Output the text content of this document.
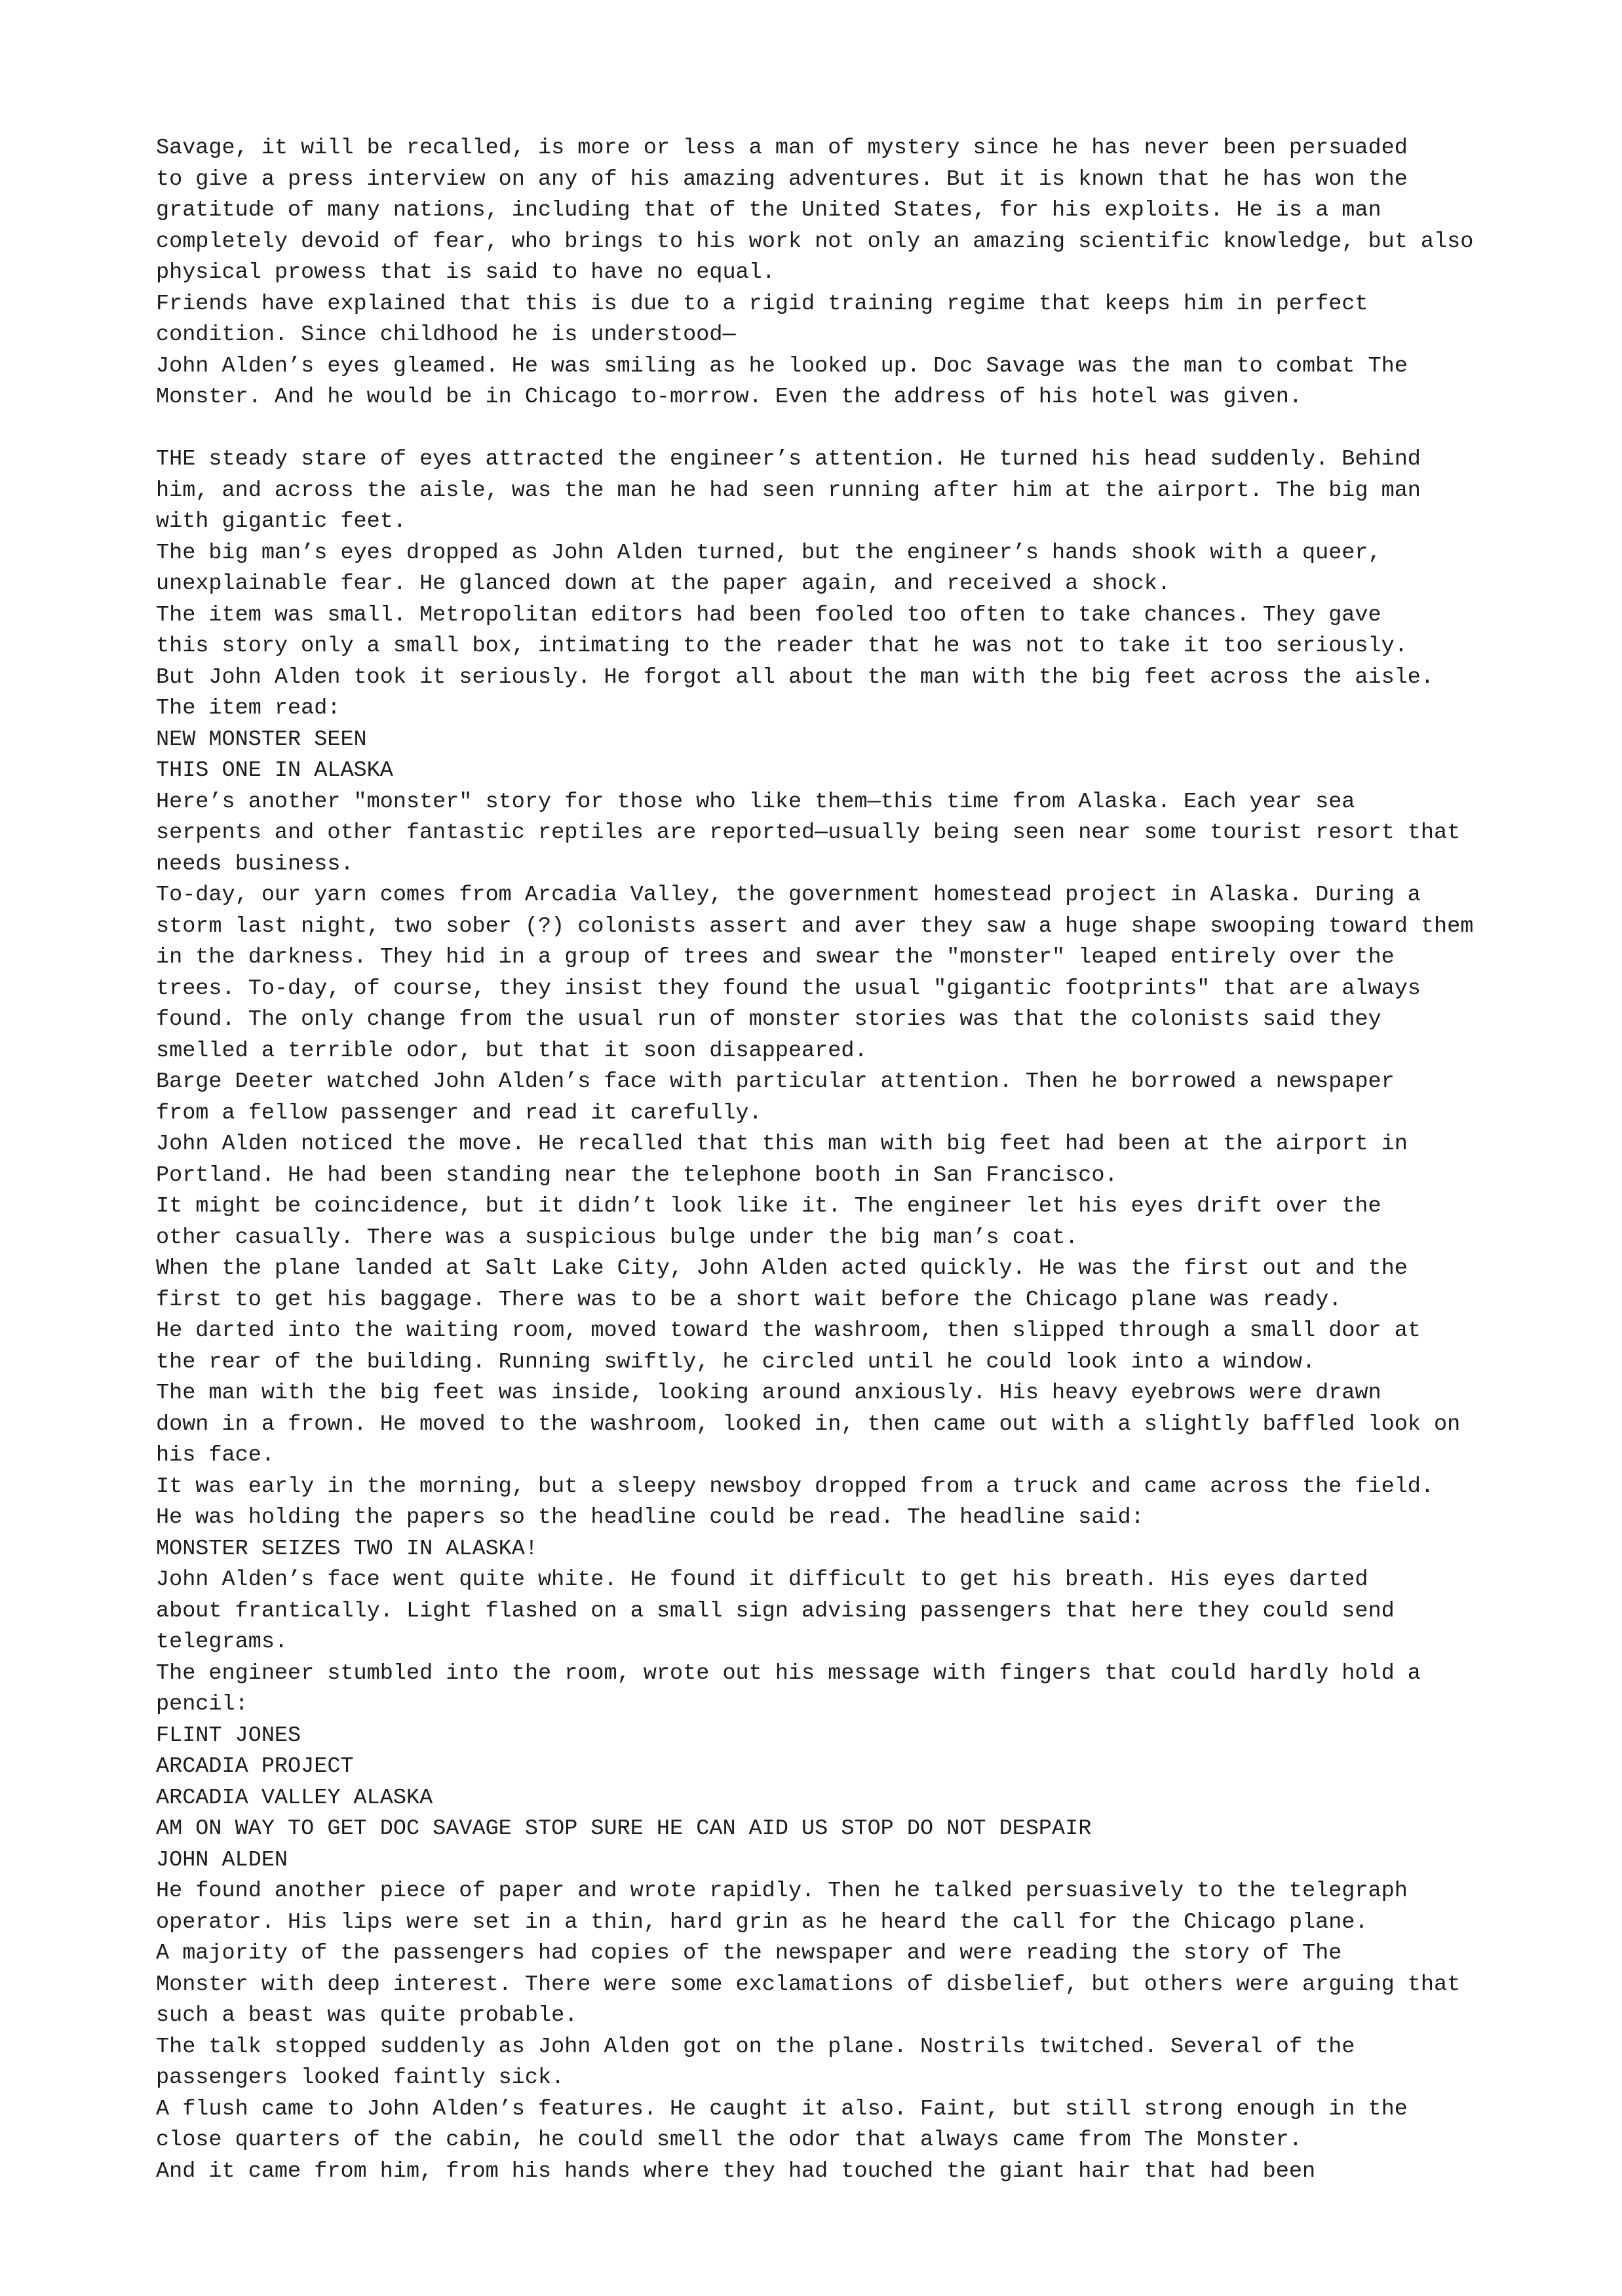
Savage, it will be recalled, is more or less a man of mystery since he has never been persuaded
to give a press interview on any of his amazing adventures. But it is known that he has won the
gratitude of many nations, including that of the United States, for his exploits. He is a man
completely devoid of fear, who brings to his work not only an amazing scientific knowledge, but also
physical prowess that is said to have no equal.
Friends have explained that this is due to a rigid training regime that keeps him in perfect
condition. Since childhood he is understood—
John Alden’s eyes gleamed. He was smiling as he looked up. Doc Savage was the man to combat The
Monster. And he would be in Chicago to-morrow. Even the address of his hotel was given.
THE steady stare of eyes attracted the engineer’s attention. He turned his head suddenly. Behind
him, and across the aisle, was the man he had seen running after him at the airport. The big man
with gigantic feet.
The big man’s eyes dropped as John Alden turned, but the engineer’s hands shook with a queer,
unexplainable fear. He glanced down at the paper again, and received a shock.
The item was small. Metropolitan editors had been fooled too often to take chances. They gave
this story only a small box, intimating to the reader that he was not to take it too seriously.
But John Alden took it seriously. He forgot all about the man with the big feet across the aisle.
The item read:
NEW MONSTER SEEN
THIS ONE IN ALASKA
Here’s another "monster" story for those who like them—this time from Alaska. Each year sea
serpents and other fantastic reptiles are reported—usually being seen near some tourist resort that
needs business.
To-day, our yarn comes from Arcadia Valley, the government homestead project in Alaska. During a
storm last night, two sober (?) colonists assert and aver they saw a huge shape swooping toward them
in the darkness. They hid in a group of trees and swear the "monster" leaped entirely over the
trees. To-day, of course, they insist they found the usual "gigantic footprints" that are always
found. The only change from the usual run of monster stories was that the colonists said they
smelled a terrible odor, but that it soon disappeared.
Barge Deeter watched John Alden’s face with particular attention. Then he borrowed a newspaper
from a fellow passenger and read it carefully.
John Alden noticed the move. He recalled that this man with big feet had been at the airport in
Portland. He had been standing near the telephone booth in San Francisco.
It might be coincidence, but it didn’t look like it. The engineer let his eyes drift over the
other casually. There was a suspicious bulge under the big man’s coat.
When the plane landed at Salt Lake City, John Alden acted quickly. He was the first out and the
first to get his baggage. There was to be a short wait before the Chicago plane was ready.
He darted into the waiting room, moved toward the washroom, then slipped through a small door at
the rear of the building. Running swiftly, he circled until he could look into a window.
The man with the big feet was inside, looking around anxiously. His heavy eyebrows were drawn
down in a frown. He moved to the washroom, looked in, then came out with a slightly baffled look on
his face.
It was early in the morning, but a sleepy newsboy dropped from a truck and came across the field.
He was holding the papers so the headline could be read. The headline said:
MONSTER SEIZES TWO IN ALASKA!
John Alden’s face went quite white. He found it difficult to get his breath. His eyes darted
about frantically. Light flashed on a small sign advising passengers that here they could send
telegrams.
The engineer stumbled into the room, wrote out his message with fingers that could hardly hold a
pencil:
FLINT JONES
ARCADIA PROJECT
ARCADIA VALLEY ALASKA
AM ON WAY TO GET DOC SAVAGE STOP SURE HE CAN AID US STOP DO NOT DESPAIR
JOHN ALDEN
He found another piece of paper and wrote rapidly. Then he talked persuasively to the telegraph
operator. His lips were set in a thin, hard grin as he heard the call for the Chicago plane.
A majority of the passengers had copies of the newspaper and were reading the story of The
Monster with deep interest. There were some exclamations of disbelief, but others were arguing that
such a beast was quite probable.
The talk stopped suddenly as John Alden got on the plane. Nostrils twitched. Several of the
passengers looked faintly sick.
A flush came to John Alden’s features. He caught it also. Faint, but still strong enough in the
close quarters of the cabin, he could smell the odor that always came from The Monster.
And it came from him, from his hands where they had touched the giant hair that had been
